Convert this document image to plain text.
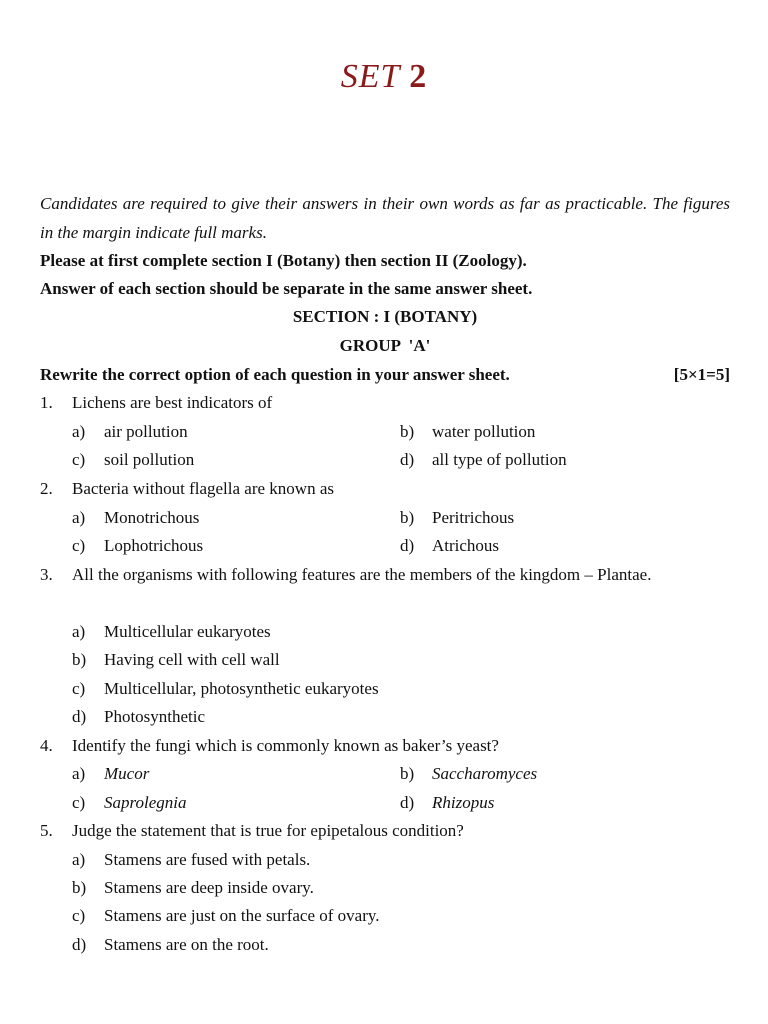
SET 2
Candidates are required to give their answers in their own words as far as practicable. The figures in the margin indicate full marks.
Please at first complete section I (Botany) then section II (Zoology).
Answer of each section should be separate in the same answer sheet.
SECTION : I (BOTANY)
GROUP  'A'
Rewrite the correct option of each question in your answer sheet.	[5×1=5]
1. Lichens are best indicators of
a) air pollution	b) water pollution
c) soil pollution	d) all type of pollution
2. Bacteria without flagella are known as
a) Monotrichous	b) Peritrichous
c) Lophotrichous	d) Atrichous
3. All the organisms with following features are the members of the kingdom – Plantae.
a) Multicellular eukaryotes
b) Having cell with cell wall
c) Multicellular, photosynthetic eukaryotes
d) Photosynthetic
4. Identify the fungi which is commonly known as baker’s yeast?
a) Mucor	b) Saccharomyces
c) Saprolegnia	d) Rhizopus
5. Judge the statement that is true for epipetalous condition?
a) Stamens are fused with petals.
b) Stamens are deep inside ovary.
c) Stamens are just on the surface of ovary.
d) Stamens are on the root.
